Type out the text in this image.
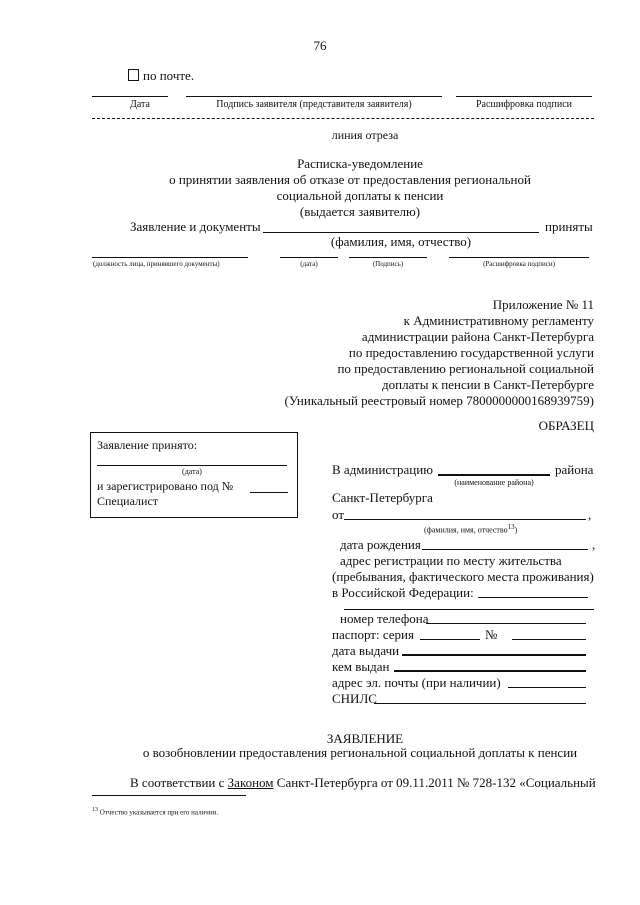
76
по почте.
Дата	Подпись заявителя (представителя заявителя)	Расшифровка подписи
линия отреза
Расписка-уведомление
о принятии заявления об отказе от предоставления региональной
социальной доплаты к пенсии
(выдается заявителю)
Заявление и документы	приняты
(фамилия, имя, отчество)
(должность лица, принявшего документы)	(дата)	(Подпись)	(Расшифровка подписи)
Приложение № 11
к Административному регламенту
администрации района Санкт-Петербурга
по предоставлению государственной услуги
по предоставлению региональной социальной
доплаты к пенсии в Санкт-Петербурге
(Уникальный реестровый номер 7800000000168939759)
ОБРАЗЕЦ
Заявление принято:
(дата)
и зарегистрировано под №
Специалист
В администрацию	района
(наименование района)
Санкт-Петербурга
от	,
(фамилия, имя, отчество$^{13}$)
дата рождения	,
адрес регистрации по месту жительства
(пребывания, фактического места проживания)
в Российской Федерации:
номер телефона
паспорт: серия	№
дата выдачи
кем выдан
адрес эл. почты (при наличии)
СНИЛС
ЗАЯВЛЕНИЕ
о возобновлении предоставления региональной социальной доплаты к пенсии
В соответствии с Законом Санкт-Петербурга от 09.11.2011 № 728-132 «Социальный
$^{13}$ Отчество указывается при его наличии.
